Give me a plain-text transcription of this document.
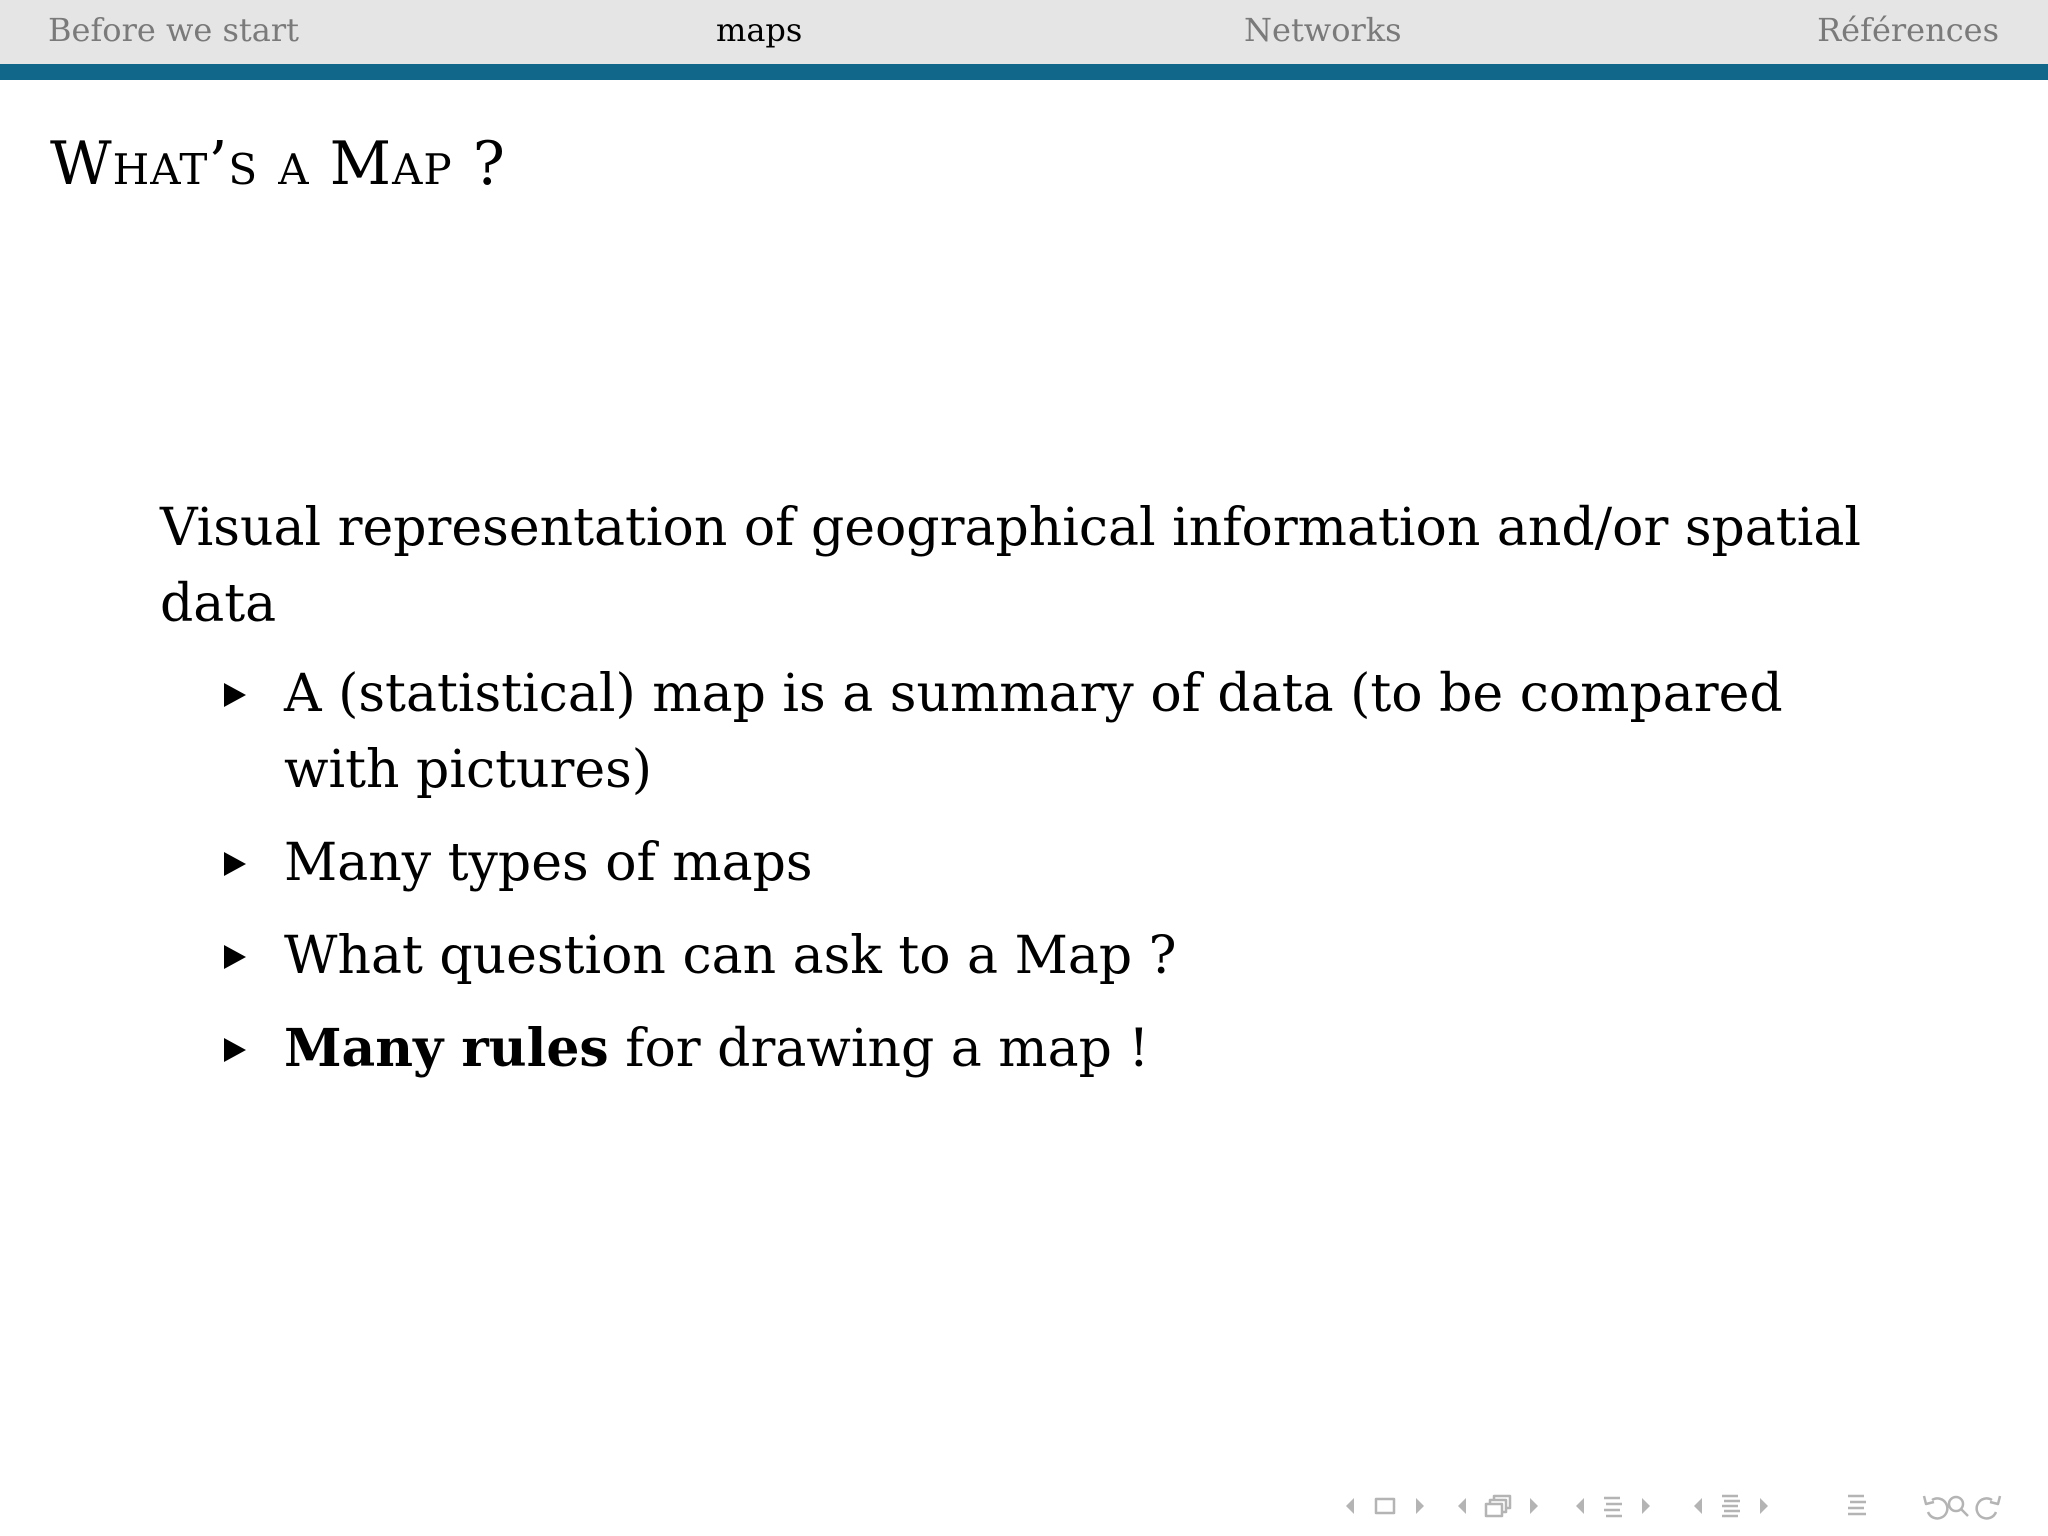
Before we start	maps	Networks	Références
What’s a Map ?

Visual representation of geographical information and/or spatial data

A (statistical) map is a summary of data (to be compared with pictures)
Many types of maps
What question can ask to a Map ?
Many rules for drawing a map !
